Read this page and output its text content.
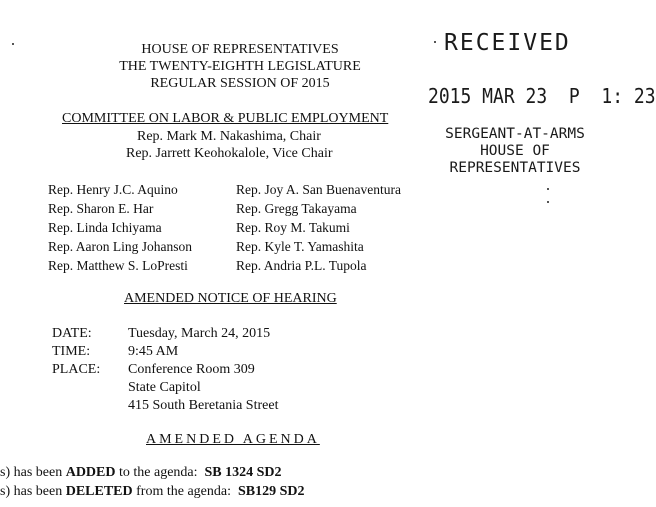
HOUSE OF REPRESENTATIVES
THE TWENTY-EIGHTH LEGISLATURE
REGULAR SESSION OF 2015
RECEIVED
2015 MAR 23  P  1: 23
SERGEANT-AT-ARMS
HOUSE OF
REPRESENTATIVES
COMMITTEE ON LABOR & PUBLIC EMPLOYMENT
Rep. Mark M. Nakashima, Chair
Rep. Jarrett Keohokalole, Vice Chair
Rep. Henry J.C. Aquino
Rep. Sharon E. Har
Rep. Linda Ichiyama
Rep. Aaron Ling Johanson
Rep. Matthew S. LoPresti
Rep. Joy A. San Buenaventura
Rep. Gregg Takayama
Rep. Roy M. Takumi
Rep. Kyle T. Yamashita
Rep. Andria P.L. Tupola
AMENDED NOTICE OF HEARING
DATE:	Tuesday, March 24, 2015
TIME:	9:45 AM
PLACE: Conference Room 309
State Capitol
415 South Beretania Street
AMENDED AGENDA
s) has been ADDED to the agenda:  SB 1324 SD2
s) has been DELETED from the agenda:  SB129 SD2
